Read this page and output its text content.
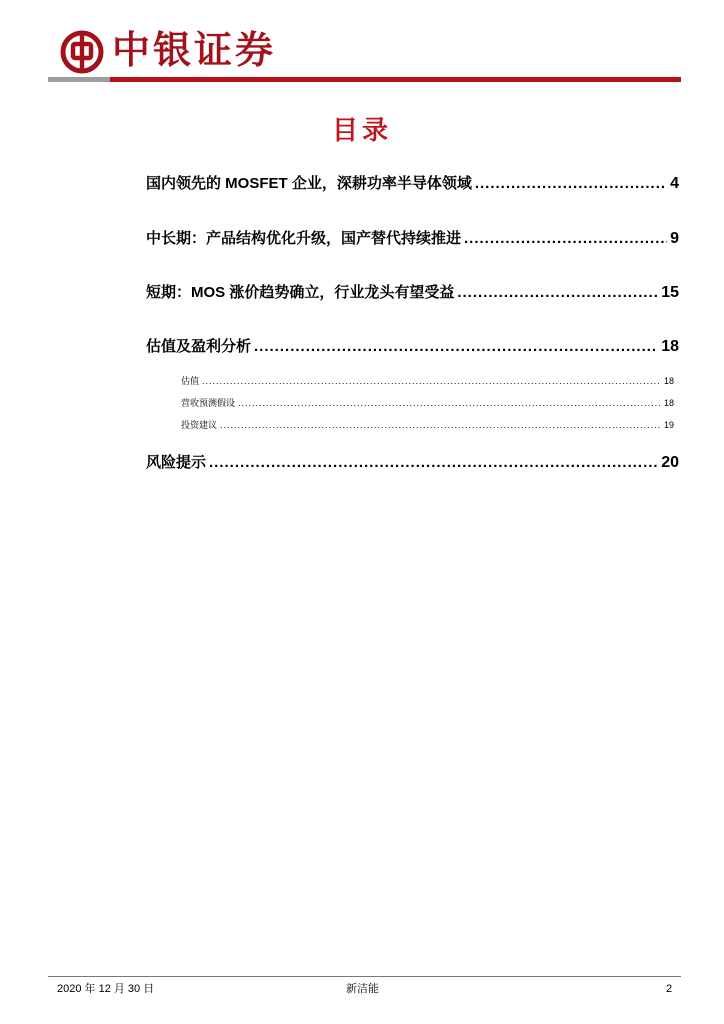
中银证券
目录
国内领先的 MOSFET 企业，深耕功率半导体领域 .....	4
中长期：产品结构优化升级，国产替代持续推进 .....	9
短期：MOS 涨价趋势确立，行业龙头有望受益 .....	15
估值及盈利分析 .....	18
估值 .....	18
营收预测假设 .....	18
投资建议 .....	19
风险提示 .....	20
2020 年 12 月 30 日	新洁能	2
